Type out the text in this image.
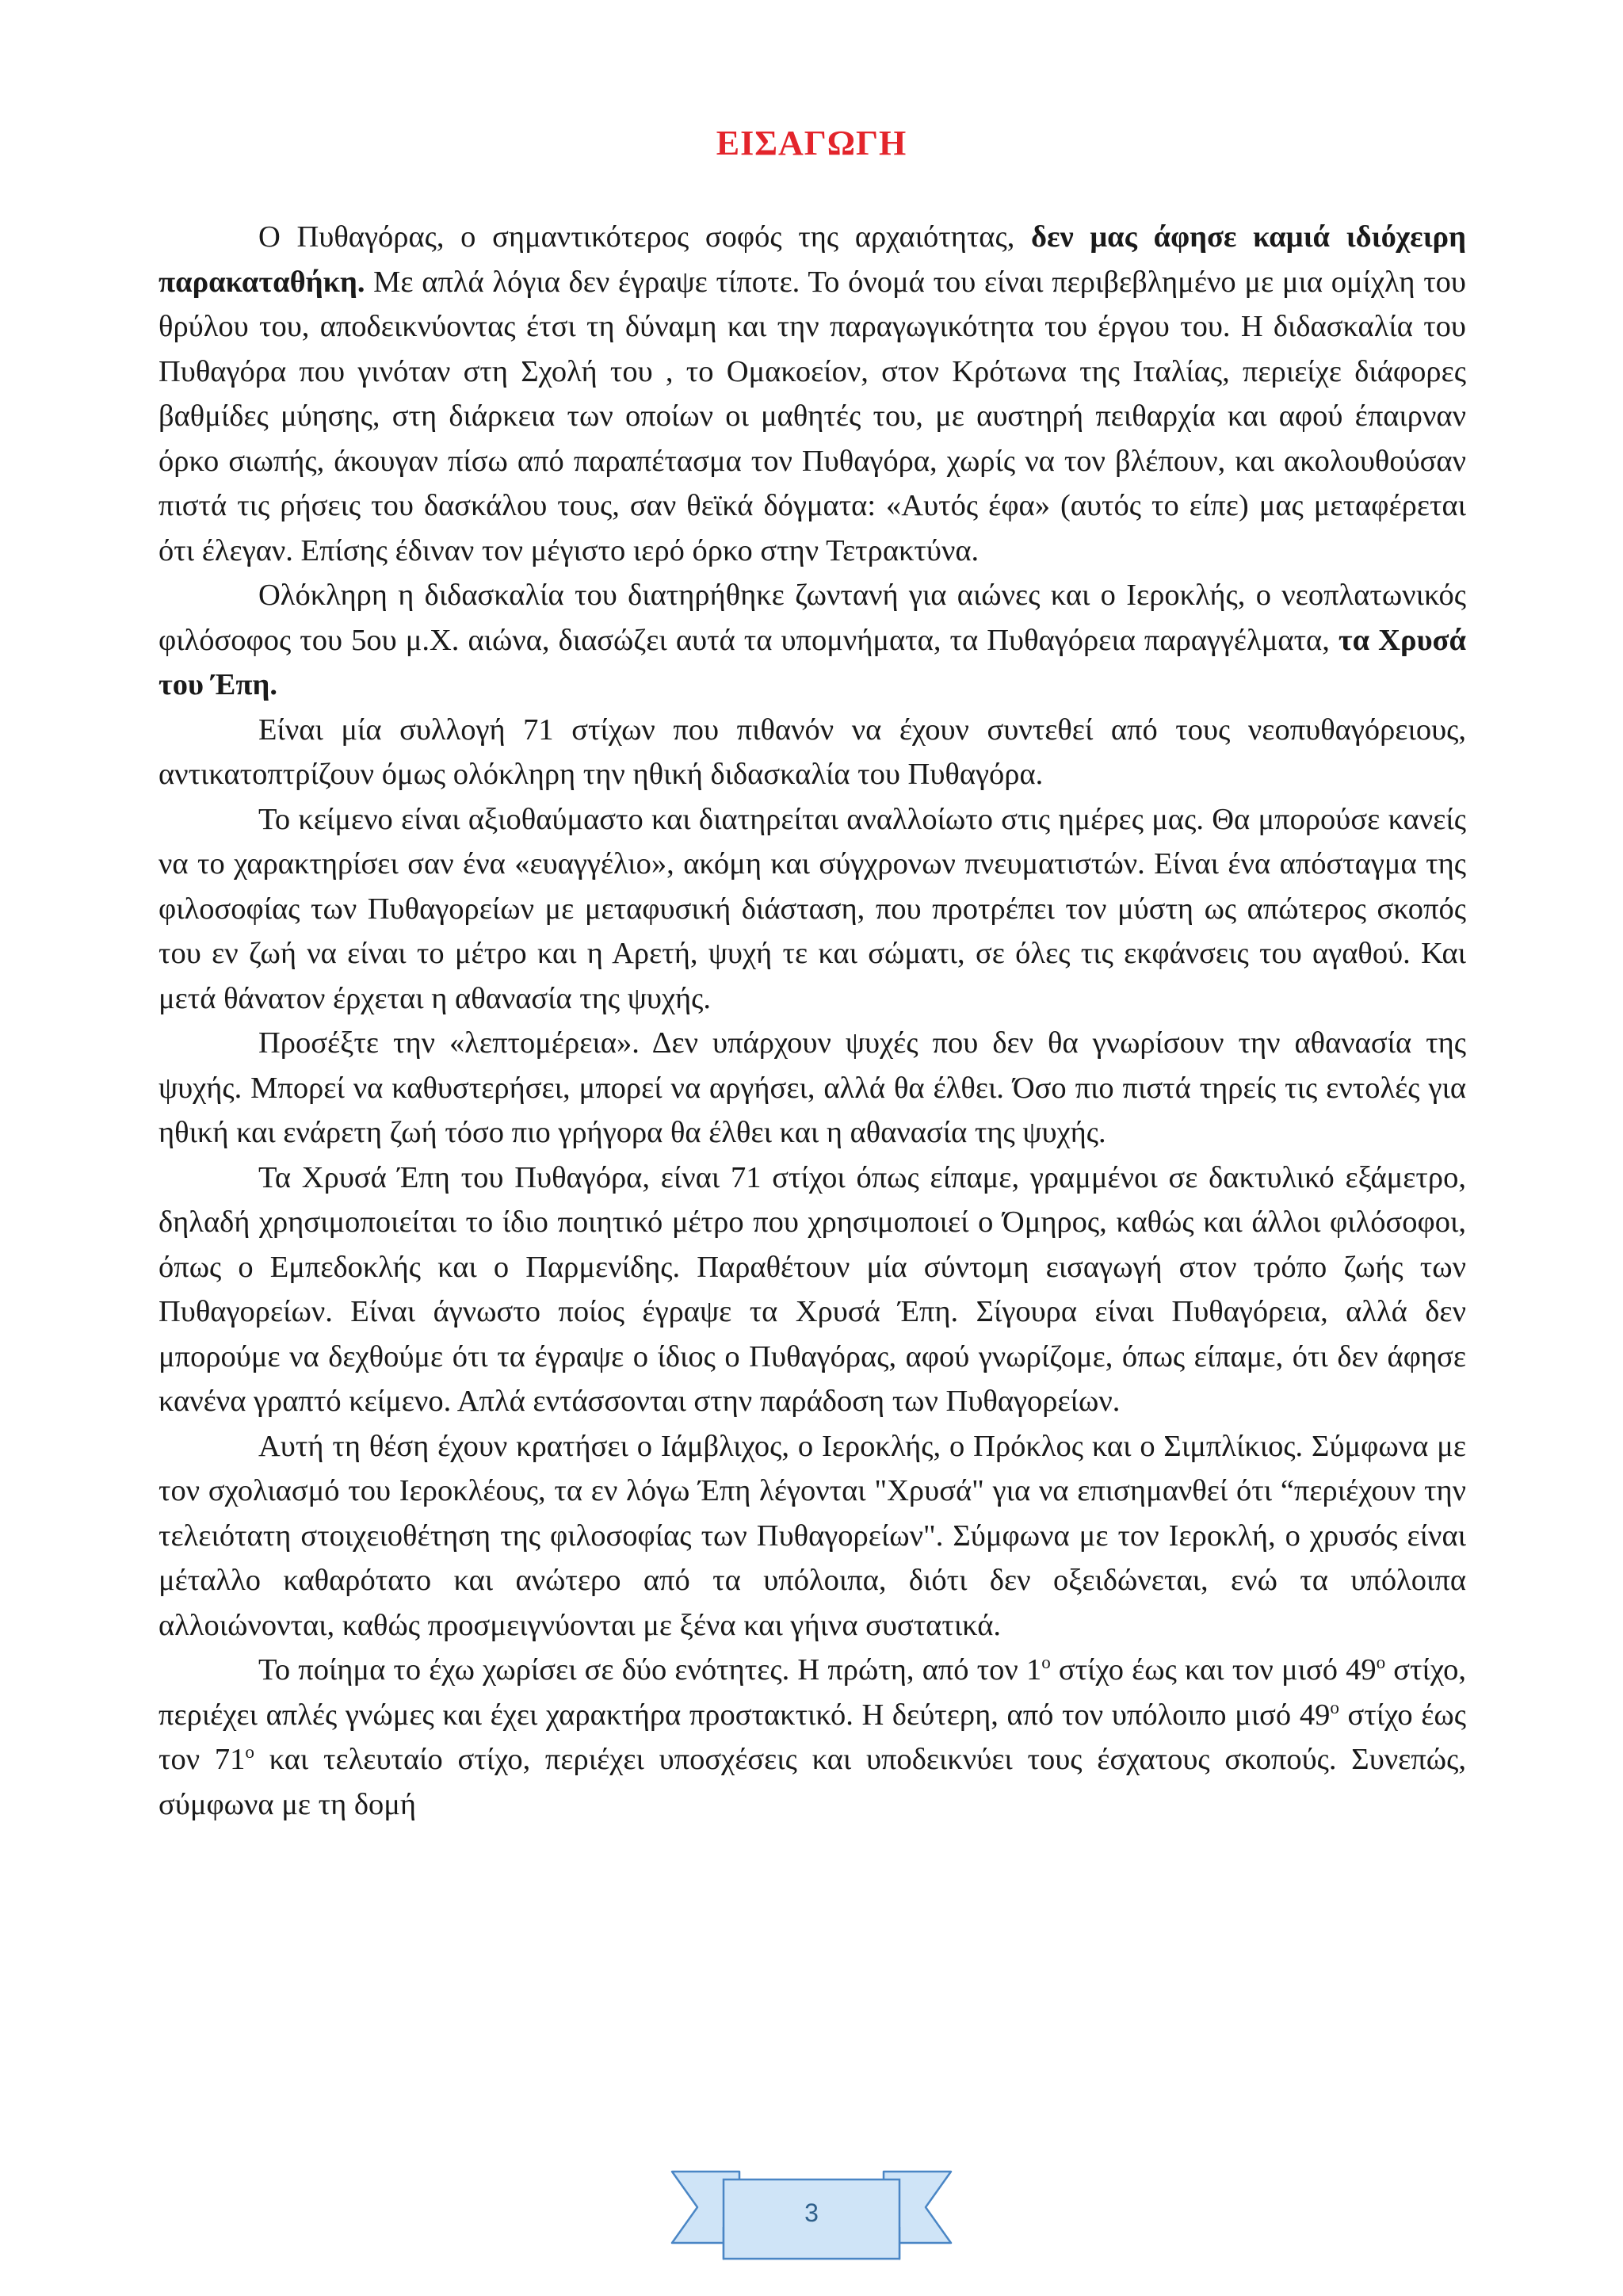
ΕΙΣΑΓΩΓΗ

Ο Πυθαγόρας, ο σημαντικότερος σοφός της αρχαιότητας, δεν μας άφησε καμιά ιδιόχειρη παρακαταθήκη. Με απλά λόγια δεν έγραψε τίποτε. Το όνομά του είναι περιβεβλημένο με μια ομίχλη του θρύλου του, αποδεικνύοντας έτσι τη δύναμη και την παραγωγικότητα του έργου του. Η διδασκαλία του Πυθαγόρα που γινόταν στη Σχολή του , το Ομακοείον, στον Κρότωνα της Ιταλίας, περιείχε διάφορες βαθμίδες μύησης, στη διάρκεια των οποίων οι μαθητές του, με αυστηρή πειθαρχία και αφού έπαιρναν όρκο σιωπής, άκουγαν πίσω από παραπέτασμα τον Πυθαγόρα, χωρίς να τον βλέπουν, και ακολουθούσαν πιστά τις ρήσεις του δασκάλου τους, σαν θεϊκά δόγματα: «Αυτός έφα» (αυτός το είπε) μας μεταφέρεται ότι έλεγαν. Επίσης έδιναν τον μέγιστο ιερό όρκο στην Τετρακτύνα.

Ολόκληρη η διδασκαλία του διατηρήθηκε ζωντανή για αιώνες και ο Ιεροκλής, ο νεοπλατωνικός φιλόσοφος του 5ου μ.Χ. αιώνα, διασώζει αυτά τα υπομνήματα, τα Πυθαγόρεια παραγγέλματα, τα Χρυσά του Έπη.

Είναι μία συλλογή 71 στίχων που πιθανόν να έχουν συντεθεί από τους νεοπυθαγόρειους, αντικατοπτρίζουν όμως ολόκληρη την ηθική διδασκαλία του Πυθαγόρα.

Το κείμενο είναι αξιοθαύμαστο και διατηρείται αναλλοίωτο στις ημέρες μας. Θα μπορούσε κανείς να το χαρακτηρίσει σαν ένα «ευαγγέλιο», ακόμη και σύγχρονων πνευματιστών. Είναι ένα απόσταγμα της φιλοσοφίας των Πυθαγορείων με μεταφυσική διάσταση, που προτρέπει τον μύστη ως απώτερος σκοπός του εν ζωή να είναι το μέτρο και η Αρετή, ψυχή τε και σώματι, σε όλες τις εκφάνσεις του αγαθού. Και μετά θάνατον έρχεται η αθανασία της ψυχής.

Προσέξτε την «λεπτομέρεια». Δεν υπάρχουν ψυχές που δεν θα γνωρίσουν την αθανασία της ψυχής. Μπορεί να καθυστερήσει, μπορεί να αργήσει, αλλά θα έλθει. Όσο πιο πιστά τηρείς τις εντολές για ηθική και ενάρετη ζωή τόσο πιο γρήγορα θα έλθει και η αθανασία της ψυχής.

Τα Χρυσά Έπη του Πυθαγόρα, είναι 71 στίχοι όπως είπαμε, γραμμένοι σε δακτυλικό εξάμετρο, δηλαδή χρησιμοποιείται το ίδιο ποιητικό μέτρο που χρησιμοποιεί ο Όμηρος, καθώς και άλλοι φιλόσοφοι, όπως ο Εμπεδοκλής και ο Παρμενίδης. Παραθέτουν μία σύντομη εισαγωγή στον τρόπο ζωής των Πυθαγορείων. Είναι άγνωστο ποίος έγραψε τα Χρυσά Έπη. Σίγουρα είναι Πυθαγόρεια, αλλά δεν μπορούμε να δεχθούμε ότι τα έγραψε ο ίδιος ο Πυθαγόρας, αφού γνωρίζομε, όπως είπαμε, ότι δεν άφησε κανένα γραπτό κείμενο. Απλά εντάσσονται στην παράδοση των Πυθαγορείων.

Αυτή τη θέση έχουν κρατήσει ο Ιάμβλιχος, ο Ιεροκλής, ο Πρόκλος και ο Σιμπλίκιος. Σύμφωνα με τον σχολιασμό του Ιεροκλέους, τα εν λόγω Έπη λέγονται "Χρυσά" για να επισημανθεί ότι “περιέχουν την τελειότατη στοιχειοθέτηση της φιλοσοφίας των Πυθαγορείων". Σύμφωνα με τον Ιεροκλή, ο χρυσός είναι μέταλλο καθαρότατο και ανώτερο από τα υπόλοιπα, διότι δεν οξειδώνεται, ενώ τα υπόλοιπα αλλοιώνονται, καθώς προσμειγνύονται με ξένα και γήινα συστατικά.

Το ποίημα το έχω χωρίσει σε δύο ενότητες. Η πρώτη, από τον $1^o$ στίχο έως και τον μισό $49^o$ στίχο, περιέχει απλές γνώμες και έχει χαρακτήρα προστακτικό. Η δεύτερη, από τον υπόλοιπο μισό $49^o$ στίχο έως τον $71^o$ και τελευταίο στίχο, περιέχει υποσχέσεις και υποδεικνύει τους έσχατους σκοπούς. Συνεπώς, σύμφωνα με τη δομή

3
